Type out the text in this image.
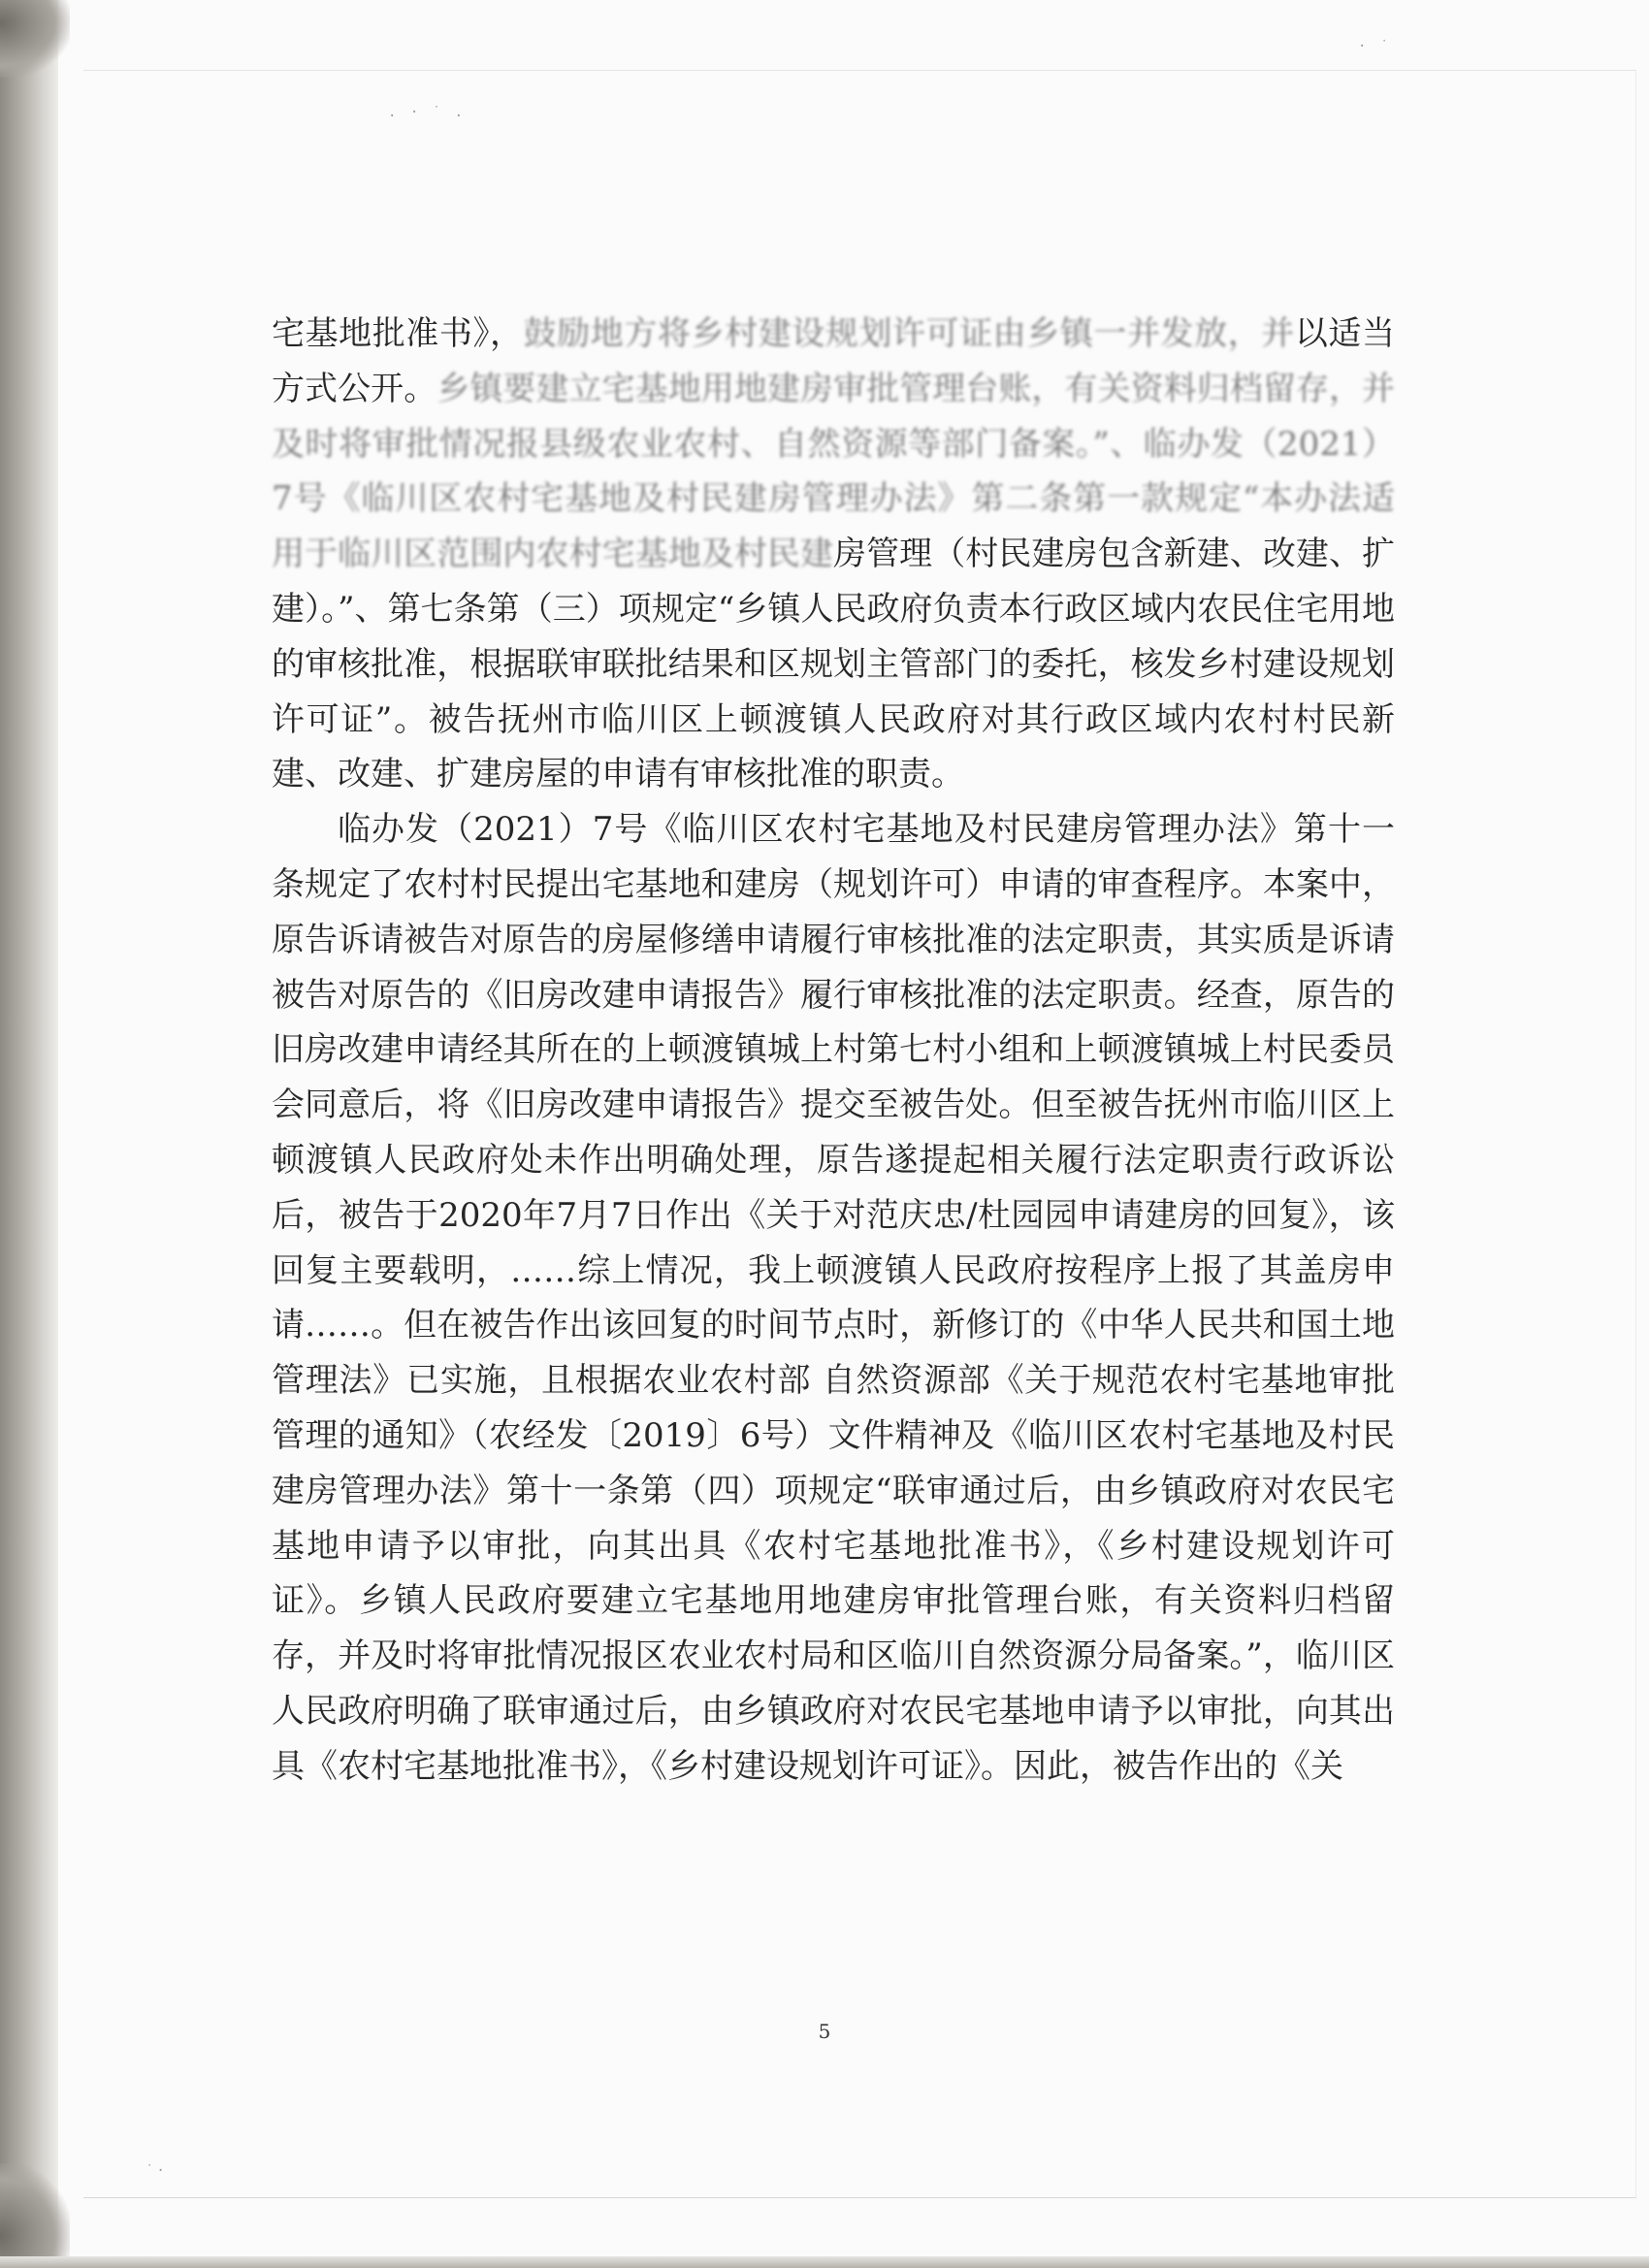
. · ˙ .
· ˙
˙·

宅基地批准书》，鼓励地方将乡村建设规划许可证由乡镇一并发放，并以适当方式公开。乡镇要建立宅基地用地建房审批管理台账，有关资料归档留存，并及时将审批情况报县级农业农村、自然资源等部门备案。”、临办发（2021）7号《临川区农村宅基地及村民建房管理办法》第二条第一款规定“本办法适用于临川区范围内农村宅基地及村民建房管理（村民建房包含新建、改建、扩建）。”、第七条第（三）项规定“乡镇人民政府负责本行政区域内农民住宅用地的审核批准，根据联审联批结果和区规划主管部门的委托，核发乡村建设规划许可证”。被告抚州市临川区上顿渡镇人民政府对其行政区域内农村村民新建、改建、扩建房屋的申请有审核批准的职责。

临办发（2021）7号《临川区农村宅基地及村民建房管理办法》第十一条规定了农村村民提出宅基地和建房（规划许可）申请的审查程序。本案中，原告诉请被告对原告的房屋修缮申请履行审核批准的法定职责，其实质是诉请被告对原告的《旧房改建申请报告》履行审核批准的法定职责。经查，原告的旧房改建申请经其所在的上顿渡镇城上村第七村小组和上顿渡镇城上村民委员会同意后，将《旧房改建申请报告》提交至被告处。但至被告抚州市临川区上顿渡镇人民政府处未作出明确处理，原告遂提起相关履行法定职责行政诉讼后，被告于2020年7月7日作出《关于对范庆忠/杜园园申请建房的回复》，该回复主要载明，……综上情况，我上顿渡镇人民政府按程序上报了其盖房申请……。但在被告作出该回复的时间节点时，新修订的《中华人民共和国土地管理法》已实施，且根据农业农村部 自然资源部《关于规范农村宅基地审批管理的通知》（农经发〔2019〕6号）文件精神及《临川区农村宅基地及村民建房管理办法》第十一条第（四）项规定“联审通过后，由乡镇政府对农民宅基地申请予以审批，向其出具《农村宅基地批准书》，《乡村建设规划许可证》。乡镇人民政府要建立宅基地用地建房审批管理台账，有关资料归档留存，并及时将审批情况报区农业农村局和区临川自然资源分局备案。”，临川区人民政府明确了联审通过后，由乡镇政府对农民宅基地申请予以审批，向其出具《农村宅基地批准书》，《乡村建设规划许可证》。因此，被告作出的《关

5
